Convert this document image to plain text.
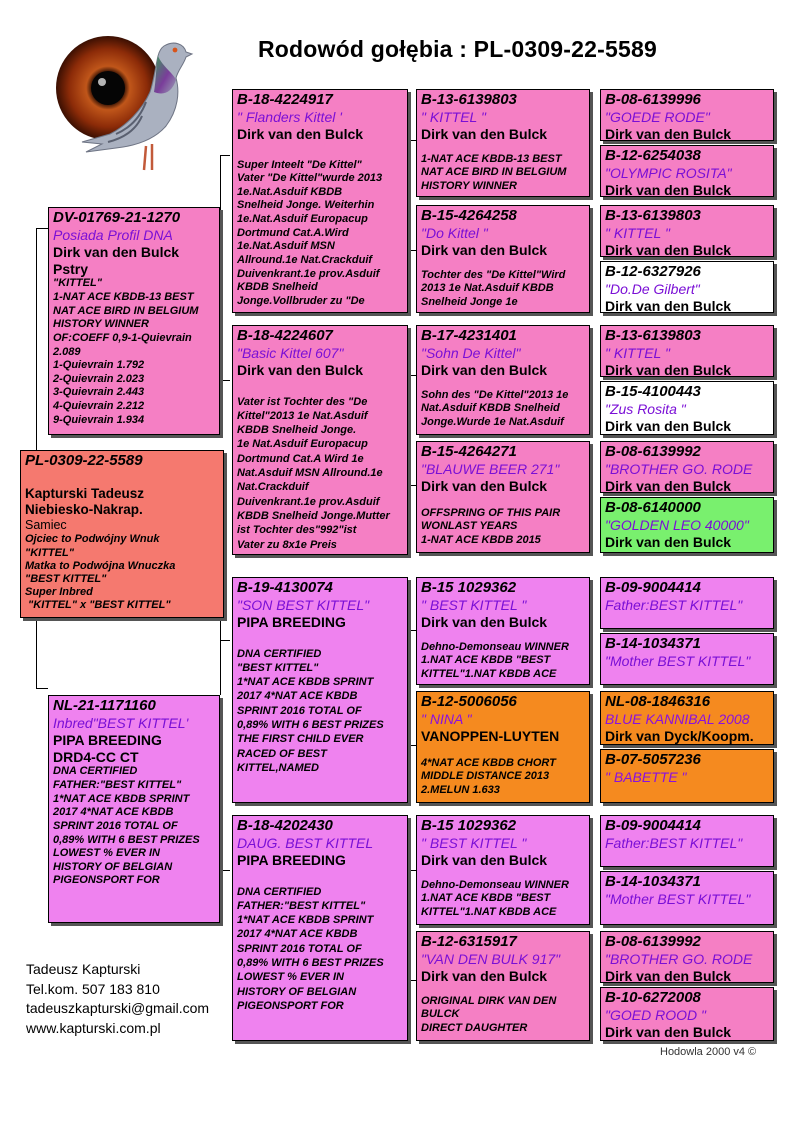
Rodowód gołębia : PL-0309-22-5589
PL-0309-22-5589
Kapturski Tadeusz
Niebiesko-Nakrap.
Samiec
Ojciec to Podwójny Wnuk
"KITTEL"
Matka to Podwójna Wnuczka
"BEST KITTEL"
Super Inbred
"KITTEL" x "BEST KITTEL"
DV-01769-21-1270
Posiada Profil DNA
Dirk van den Bulck
Pstry
"KITTEL"
1-NAT ACE KBDB-13 BEST
NAT ACE BIRD IN BELGIUM
HISTORY WINNER
OF:COEFF 0,9-1-Quievrain
2.089
1-Quievrain 1.792
2-Quievrain 2.023
3-Quievrain 2.443
4-Quievrain 2.212
9-Quievrain 1.934
NL-21-1171160
Inbred"BEST KITTEL'
PIPA BREEDING
DRD4-CC CT
DNA CERTIFIED
FATHER:"BEST KITTEL"
1*NAT ACE KBDB SPRINT
2017 4*NAT ACE KBDB
SPRINT 2016 TOTAL OF
0,89% WITH 6 BEST PRIZES
LOWEST % EVER IN
HISTORY OF BELGIAN
PIGEONSPORT FOR
B-18-4224917
" Flanders Kittel '
Dirk van den Bulck
Super Inteelt "De Kittel"
Vater "De Kittel"wurde 2013
1e.Nat.Asduif KBDB
Snelheid Jonge. Weiterhin
1e.Nat.Asduif Europacup
Dortmund Cat.A.Wird
1e.Nat.Asduif MSN
Allround.1e Nat.Crackduif
Duivenkrant.1e prov.Asduif
KBDB Snelheid
Jonge.Vollbruder zu "De
B-18-4224607
"Basic Kittel 607"
Dirk van den Bulck
Vater ist Tochter des "De
Kittel"2013 1e Nat.Asduif
KBDB Snelheid Jonge.
1e Nat.Asduif Europacup
Dortmund Cat.A Wird 1e
Nat.Asduif MSN Allround.1e
Nat.Crackduif
Duivenkrant.1e prov.Asduif
KBDB Snelheid Jonge.Mutter
ist Tochter des"992"ist
Vater zu 8x1e Preis
B-19-4130074
"SON BEST KITTEL"
PIPA BREEDING
DNA CERTIFIED
"BEST KITTEL"
1*NAT ACE KBDB SPRINT
2017 4*NAT ACE KBDB
SPRINT 2016 TOTAL OF
0,89% WITH 6 BEST PRIZES
THE FIRST CHILD EVER
RACED OF BEST
KITTEL,NAMED
B-18-4202430
DAUG. BEST KITTEL
PIPA BREEDING
DNA CERTIFIED
FATHER:"BEST KITTEL"
1*NAT ACE KBDB SPRINT
2017 4*NAT ACE KBDB
SPRINT 2016 TOTAL OF
0,89% WITH 6 BEST PRIZES
LOWEST % EVER IN
HISTORY OF BELGIAN
PIGEONSPORT FOR
B-13-6139803
" KITTEL "
Dirk van den Bulck
1-NAT ACE KBDB-13 BEST
NAT ACE BIRD IN BELGIUM
HISTORY WINNER
B-15-4264258
"Do Kittel "
Dirk van den Bulck
Tochter des "De Kittel"Wird
2013 1e Nat.Asduif KBDB
Snelheid Jonge 1e
B-17-4231401
"Sohn De Kittel"
Dirk van den Bulck
Sohn des "De Kittel"2013 1e
Nat.Asduif KBDB Snelheid
Jonge.Wurde 1e Nat.Asduif
B-15-4264271
"BLAUWE BEER 271"
Dirk van den Bulck
OFFSPRING OF THIS PAIR
WONLAST YEARS
1-NAT ACE KBDB 2015
B-15 1029362
" BEST KITTEL "
Dirk van den Bulck
Dehno-Demonseau WINNER
1.NAT ACE KBDB "BEST
KITTEL"1.NAT KBDB ACE
B-12-5006056
" NINA "
VANOPPEN-LUYTEN
4*NAT ACE KBDB CHORT
MIDDLE DISTANCE 2013
2.MELUN 1.633
B-15 1029362
" BEST KITTEL "
Dirk van den Bulck
Dehno-Demonseau WINNER
1.NAT ACE KBDB "BEST
KITTEL"1.NAT KBDB ACE
B-12-6315917
"VAN DEN BULK 917"
Dirk van den Bulck
ORIGINAL DIRK VAN DEN
BULCK
DIRECT DAUGHTER
B-08-6139996
"GOEDE RODE"
Dirk van den Bulck
B-12-6254038
"OLYMPIC ROSITA"
Dirk van den Bulck
B-13-6139803
" KITTEL "
Dirk van den Bulck
B-12-6327926
"Do.De Gilbert"
Dirk van den Bulck
B-13-6139803
" KITTEL "
Dirk van den Bulck
B-15-4100443
"Zus Rosita "
Dirk van den Bulck
B-08-6139992
"BROTHER GO. RODE
Dirk van den Bulck
B-08-6140000
"GOLDEN LEO 40000"
Dirk van den Bulck
B-09-9004414
Father:BEST KITTEL"
B-14-1034371
"Mother BEST KITTEL"
NL-08-1846316
BLUE KANNIBAL 2008
Dirk van Dyck/Koopm.
B-07-5057236
" BABETTE "
B-09-9004414
Father:BEST KITTEL"
B-14-1034371
"Mother BEST KITTEL"
B-08-6139992
"BROTHER GO. RODE
Dirk van den Bulck
B-10-6272008
"GOED ROOD "
Dirk van den Bulck
Tadeusz Kapturski
Tel.kom. 507 183 810
tadeuszkapturski@gmail.com
www.kapturski.com.pl
Hodowla 2000 v4 ©
